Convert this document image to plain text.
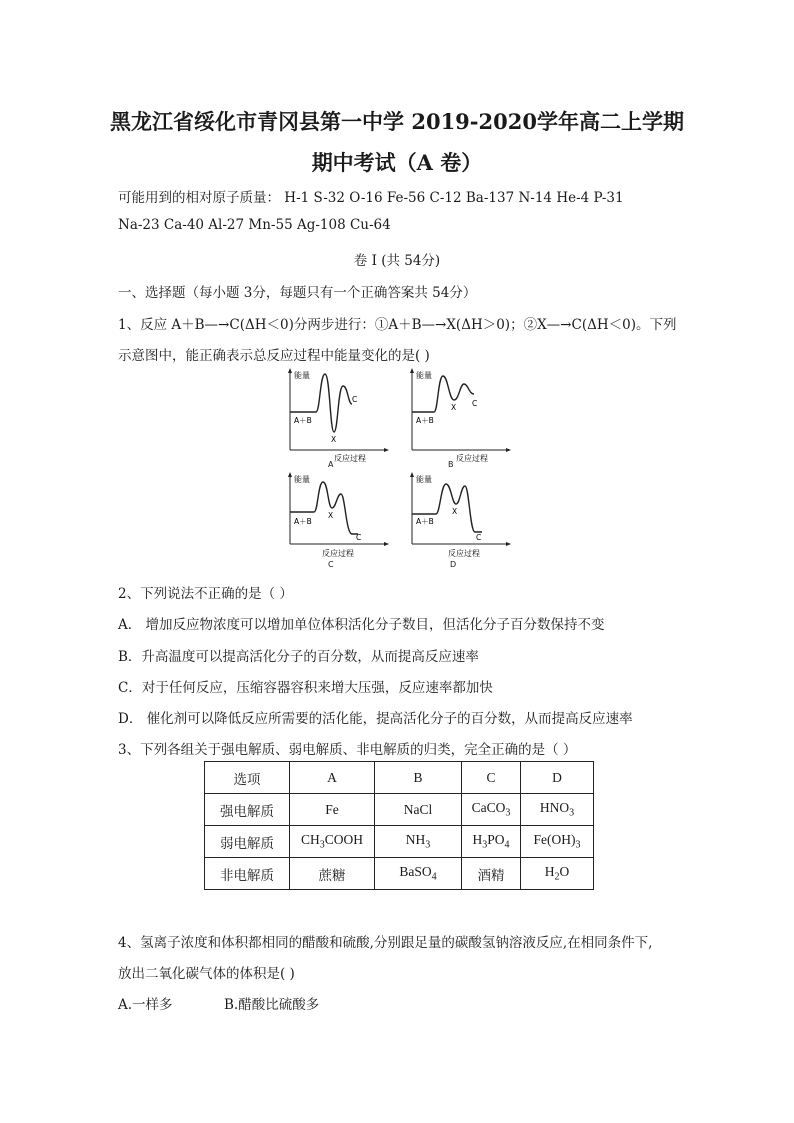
黑龙江省绥化市青冈县第一中学 2019-2020学年高二上学期
期中考试（A 卷）
可能用到的相对原子质量： H-1 S-32 O-16 Fe-56 C-12 Ba-137 N-14 He-4 P-31
Na-23 Ca-40 Al-27 Mn-55 Ag-108 Cu-64
卷 I (共 54分)
一、选择题（每小题 3分，每题只有一个正确答案共 54分）
1、反应 A＋B—→C(ΔH＜0)分两步进行：①A＋B—→X(ΔH＞0)；②X—→C(ΔH＜0)。下列
示意图中，能正确表示总反应过程中能量变化的是( )
能量
反应过程
A＋B
X
C
A
能量
反应过程
A＋B
X C
B
能量
反应过程
A＋B
X
C
C
能量
反应过程
A＋B
X
C
D
2、下列说法不正确的是（ ）
A． 增加反应物浓度可以增加单位体积活化分子数目，但活化分子百分数保持不变
B．升高温度可以提高活化分子的百分数，从而提高反应速率
C．对于任何反应，压缩容器容积来增大压强，反应速率都加快
D． 催化剂可以降低反应所需要的活化能，提高活化分子的百分数，从而提高反应速率
3、下列各组关于强电解质、弱电解质、非电解质的归类，完全正确的是（ ）
选项	A	B	C	D
强电解质	Fe	NaCl	CaCO$_3$	$HNO_3$
弱电解质	$CH_3COOH$	$NH_3$	$H_3PO_4$	$Fe(OH)_3$
非电解质	蔗糖	BaSO$_4$	酒精	$H_2O$
4、氢离子浓度和体积都相同的醋酸和硫酸,分别跟足量的碳酸氢钠溶液反应,在相同条件下,
放出二氧化碳气体的体积是( )
A.一样多	B.醋酸比硫酸多
